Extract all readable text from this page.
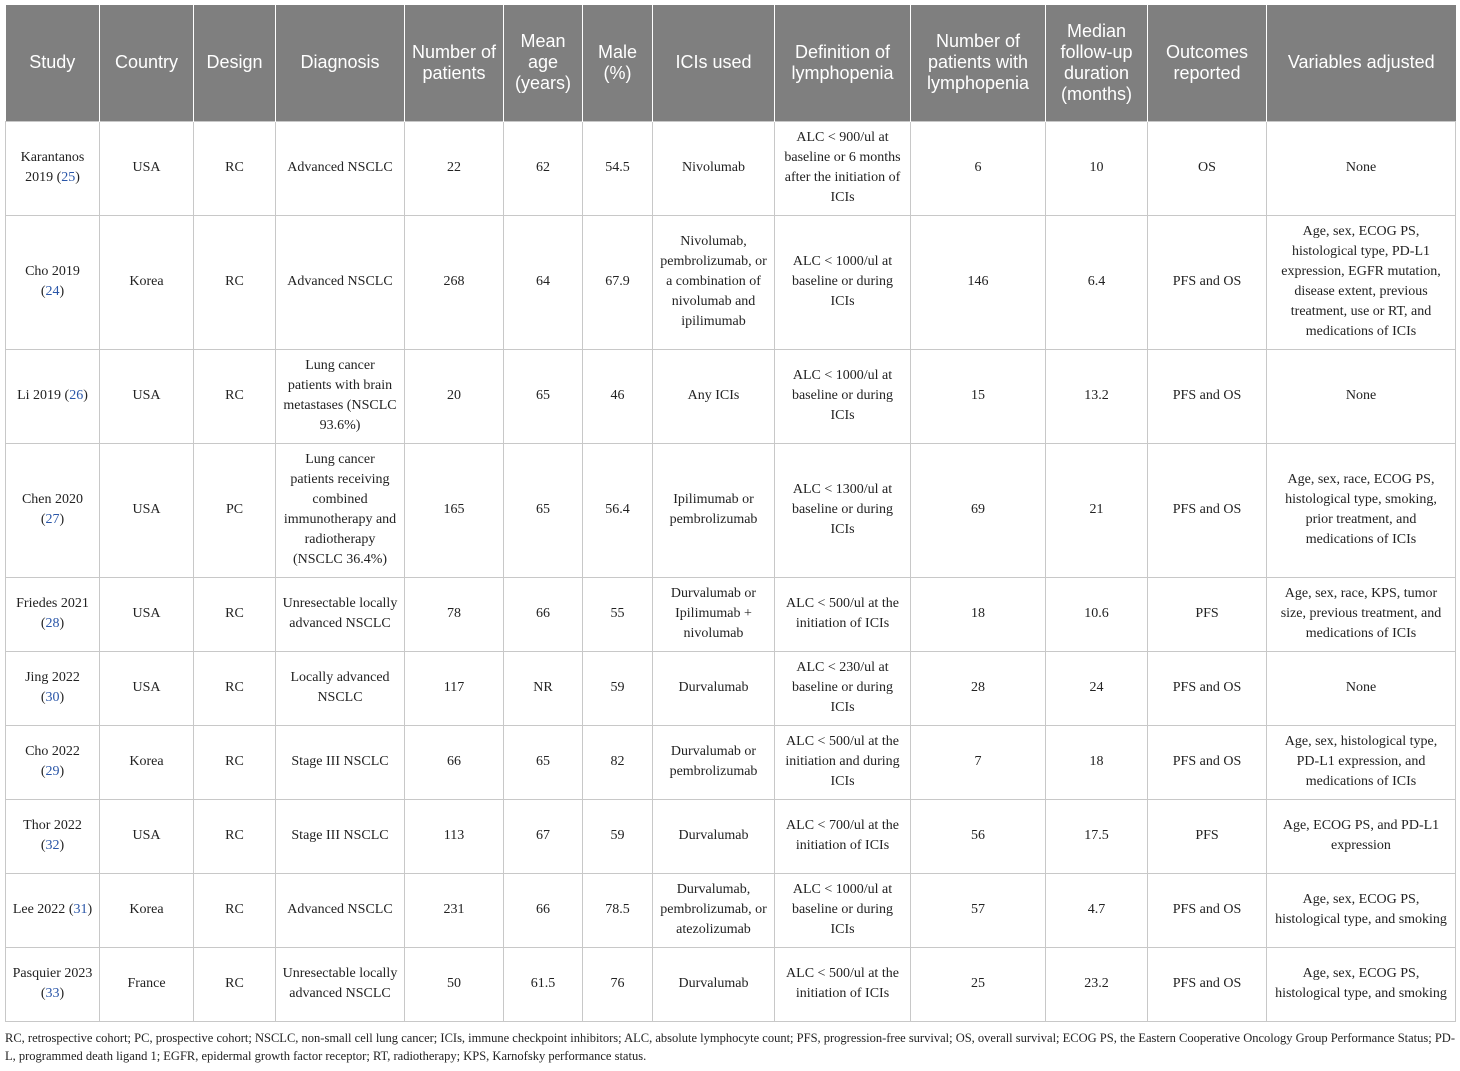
Study	Country	Design	Diagnosis	Number of patients	Mean age (years)	Male (%)	ICIs used	Definition of lymphopenia	Number of patients with lymphopenia	Median follow-up duration (months)	Outcomes reported	Variables adjusted
Karantanos 2019 (25)	USA	RC	Advanced NSCLC	22	62	54.5	Nivolumab	ALC < 900/ul at baseline or 6 months after the initiation of ICIs	6	10	OS	None
Cho 2019 (24)	Korea	RC	Advanced NSCLC	268	64	67.9	Nivolumab, pembrolizumab, or a combination of nivolumab and ipilimumab	ALC < 1000/ul at baseline or during ICIs	146	6.4	PFS and OS	Age, sex, ECOG PS, histological type, PD-L1 expression, EGFR mutation, disease extent, previous treatment, use or RT, and medications of ICIs
Li 2019 (26)	USA	RC	Lung cancer patients with brain metastases (NSCLC 93.6%)	20	65	46	Any ICIs	ALC < 1000/ul at baseline or during ICIs	15	13.2	PFS and OS	None
Chen 2020 (27)	USA	PC	Lung cancer patients receiving combined immunotherapy and radiotherapy (NSCLC 36.4%)	165	65	56.4	Ipilimumab or pembrolizumab	ALC < 1300/ul at baseline or during ICIs	69	21	PFS and OS	Age, sex, race, ECOG PS, histological type, smoking, prior treatment, and medications of ICIs
Friedes 2021 (28)	USA	RC	Unresectable locally advanced NSCLC	78	66	55	Durvalumab or Ipilimumab + nivolumab	ALC < 500/ul at the initiation of ICIs	18	10.6	PFS	Age, sex, race, KPS, tumor size, previous treatment, and medications of ICIs
Jing 2022 (30)	USA	RC	Locally advanced NSCLC	117	NR	59	Durvalumab	ALC < 230/ul at baseline or during ICIs	28	24	PFS and OS	None
Cho 2022 (29)	Korea	RC	Stage III NSCLC	66	65	82	Durvalumab or pembrolizumab	ALC < 500/ul at the initiation and during ICIs	7	18	PFS and OS	Age, sex, histological type, PD-L1 expression, and medications of ICIs
Thor 2022 (32)	USA	RC	Stage III NSCLC	113	67	59	Durvalumab	ALC < 700/ul at the initiation of ICIs	56	17.5	PFS	Age, ECOG PS, and PD-L1 expression
Lee 2022 (31)	Korea	RC	Advanced NSCLC	231	66	78.5	Durvalumab, pembrolizumab, or atezolizumab	ALC < 1000/ul at baseline or during ICIs	57	4.7	PFS and OS	Age, sex, ECOG PS, histological type, and smoking
Pasquier 2023 (33)	France	RC	Unresectable locally advanced NSCLC	50	61.5	76	Durvalumab	ALC < 500/ul at the initiation of ICIs	25	23.2	PFS and OS	Age, sex, ECOG PS, histological type, and smoking
RC, retrospective cohort; PC, prospective cohort; NSCLC, non-small cell lung cancer; ICIs, immune checkpoint inhibitors; ALC, absolute lymphocyte count; PFS, progression-free survival; OS, overall survival; ECOG PS, the Eastern Cooperative Oncology Group Performance Status; PD-L, programmed death ligand 1; EGFR, epidermal growth factor receptor; RT, radiotherapy; KPS, Karnofsky performance status.
